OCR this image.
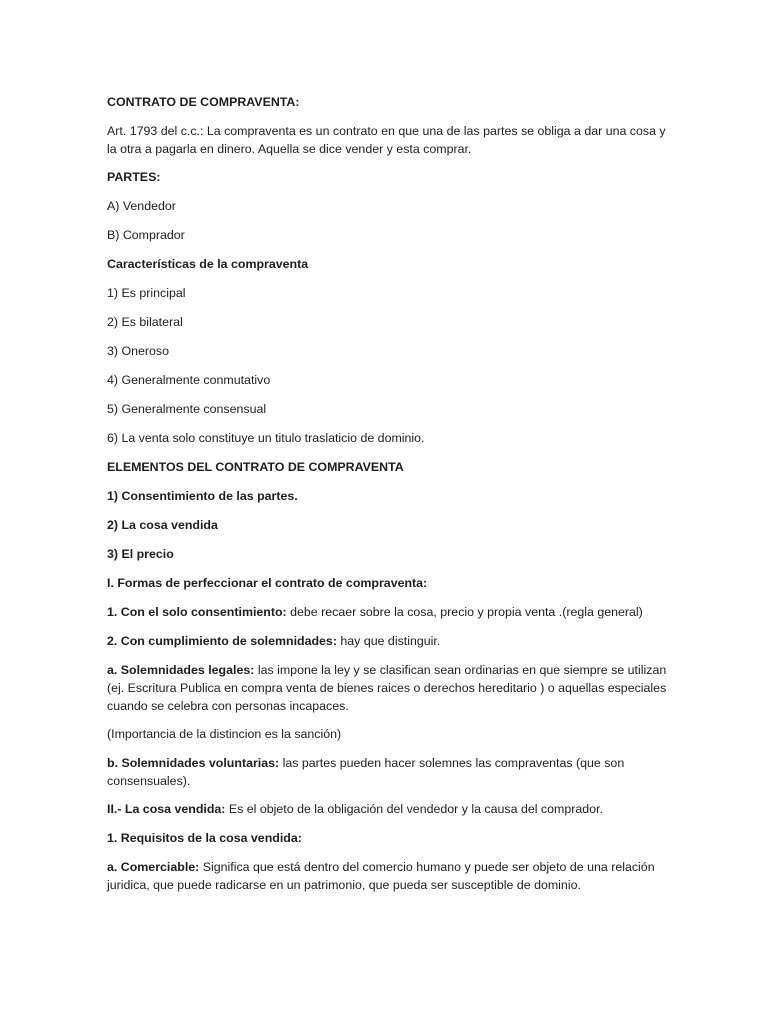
CONTRATO DE COMPRAVENTA:

Art. 1793 del c.c.: La compraventa es un contrato en que una de las partes se obliga a dar una cosa y la otra a pagarla en dinero. Aquella se dice vender y esta comprar.

PARTES:

A) Vendedor

B) Comprador

Características de la compraventa

1) Es principal

2) Es bilateral

3) Oneroso

4) Generalmente conmutativo

5) Generalmente consensual

6) La venta solo constituye un titulo traslaticio de dominio.

ELEMENTOS DEL CONTRATO DE COMPRAVENTA

1) Consentimiento de las partes.

2) La cosa vendida

3) El precio

I. Formas de perfeccionar el contrato de compraventa:

1. Con el solo consentimiento: debe recaer sobre la cosa, precio y propia venta .(regla general)

2. Con cumplimiento de solemnidades: hay que distinguir.

a. Solemnidades legales: las impone la ley y se clasifican sean ordinarias en que siempre se utilizan (ej. Escritura Publica en compra venta de bienes raices o derechos hereditario ) o aquellas especiales cuando se celebra con personas incapaces.

(Importancia de la distincion es la sanción)

b. Solemnidades voluntarias: las partes pueden hacer solemnes las compraventas (que son consensuales).

II.- La cosa vendida: Es el objeto de la obligación del vendedor y la causa del comprador.

1. Requisitos de la cosa vendida:

a. Comerciable: Significa que está dentro del comercio humano y puede ser objeto de una relación juridica, que puede radicarse en un patrimonio, que pueda ser susceptible de dominio.
